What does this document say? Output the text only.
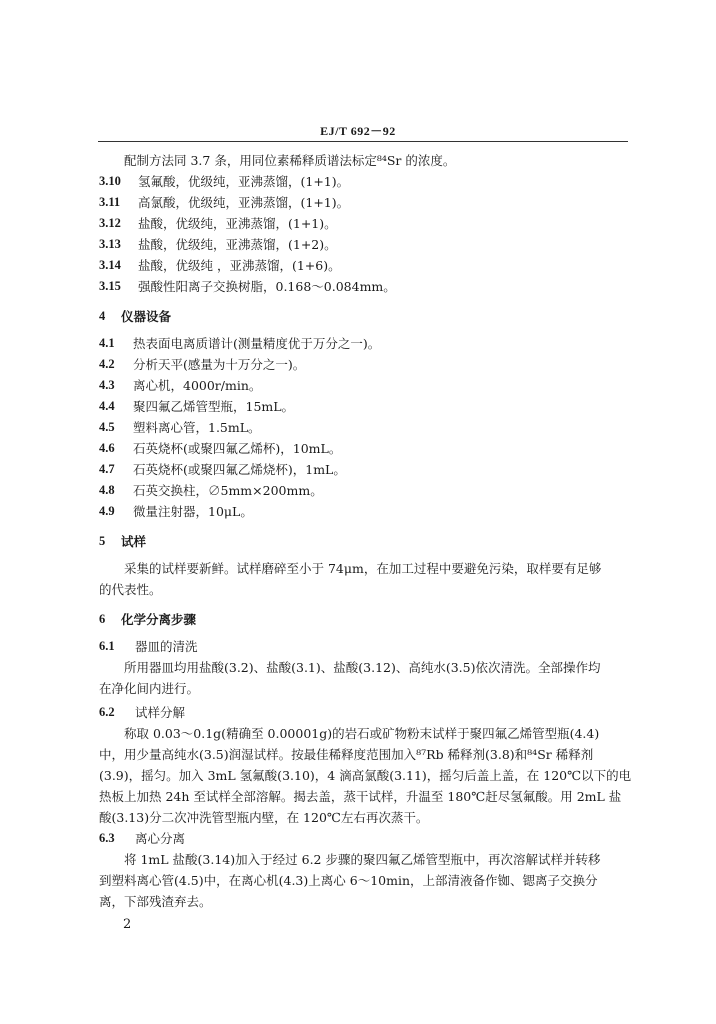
EJ/T 692－92
配制方法同 3.7 条，用同位素稀释质谱法标定⁸⁴Sr 的浓度。
3.10	氢氟酸，优级纯，亚沸蒸馏，(1+1)。
3.11	高氯酸，优级纯，亚沸蒸馏，(1+1)。
3.12	盐酸，优级纯，亚沸蒸馏，(1+1)。
3.13	盐酸，优级纯，亚沸蒸馏，(1+2)。
3.14	盐酸，优级纯 ，亚沸蒸馏，(1+6)。
3.15	强酸性阳离子交换树脂，0.168～0.084mm。
4	仪器设备
4.1	热表面电离质谱计(测量精度优于万分之一)。
4.2	分析天平(感量为十万分之一)。
4.3	离心机，4000r/min。
4.4	聚四氟乙烯管型瓶，15mL。
4.5	塑料离心管，1.5mL。
4.6	石英烧杯(或聚四氟乙烯杯)，10mL。
4.7	石英烧杯(或聚四氟乙烯烧杯)，1mL。
4.8	石英交换柱，∅5mm×200mm。
4.9	微量注射器，10μL。
5	试样
采集的试样要新鲜。试样磨碎至小于 74μm，在加工过程中要避免污染，取样要有足够
的代表性。
6	化学分离步骤
6.1	器皿的清洗
所用器皿均用盐酸(3.2)、盐酸(3.1)、盐酸(3.12)、高纯水(3.5)依次清洗。全部操作均
在净化间内进行。
6.2	试样分解
称取 0.03～0.1g(精确至 0.00001g)的岩石或矿物粉末试样于聚四氟乙烯管型瓶(4.4)
中，用少量高纯水(3.5)润湿试样。按最佳稀释度范围加入⁸⁷Rb 稀释剂(3.8)和⁸⁴Sr 稀释剂
(3.9)，摇匀。加入 3mL 氢氟酸(3.10)，4 滴高氯酸(3.11)，摇匀后盖上盖，在 120℃以下的电
热板上加热 24h 至试样全部溶解。揭去盖，蒸干试样，升温至 180℃赶尽氢氟酸。用 2mL 盐
酸(3.13)分二次冲洗管型瓶内壁，在 120℃左右再次蒸干。
6.3	离心分离
将 1mL 盐酸(3.14)加入于经过 6.2 步骤的聚四氟乙烯管型瓶中，再次溶解试样并转移
到塑料离心管(4.5)中，在离心机(4.3)上离心 6～10min，上部清液备作铷、锶离子交换分
离，下部残渣弃去。
2
